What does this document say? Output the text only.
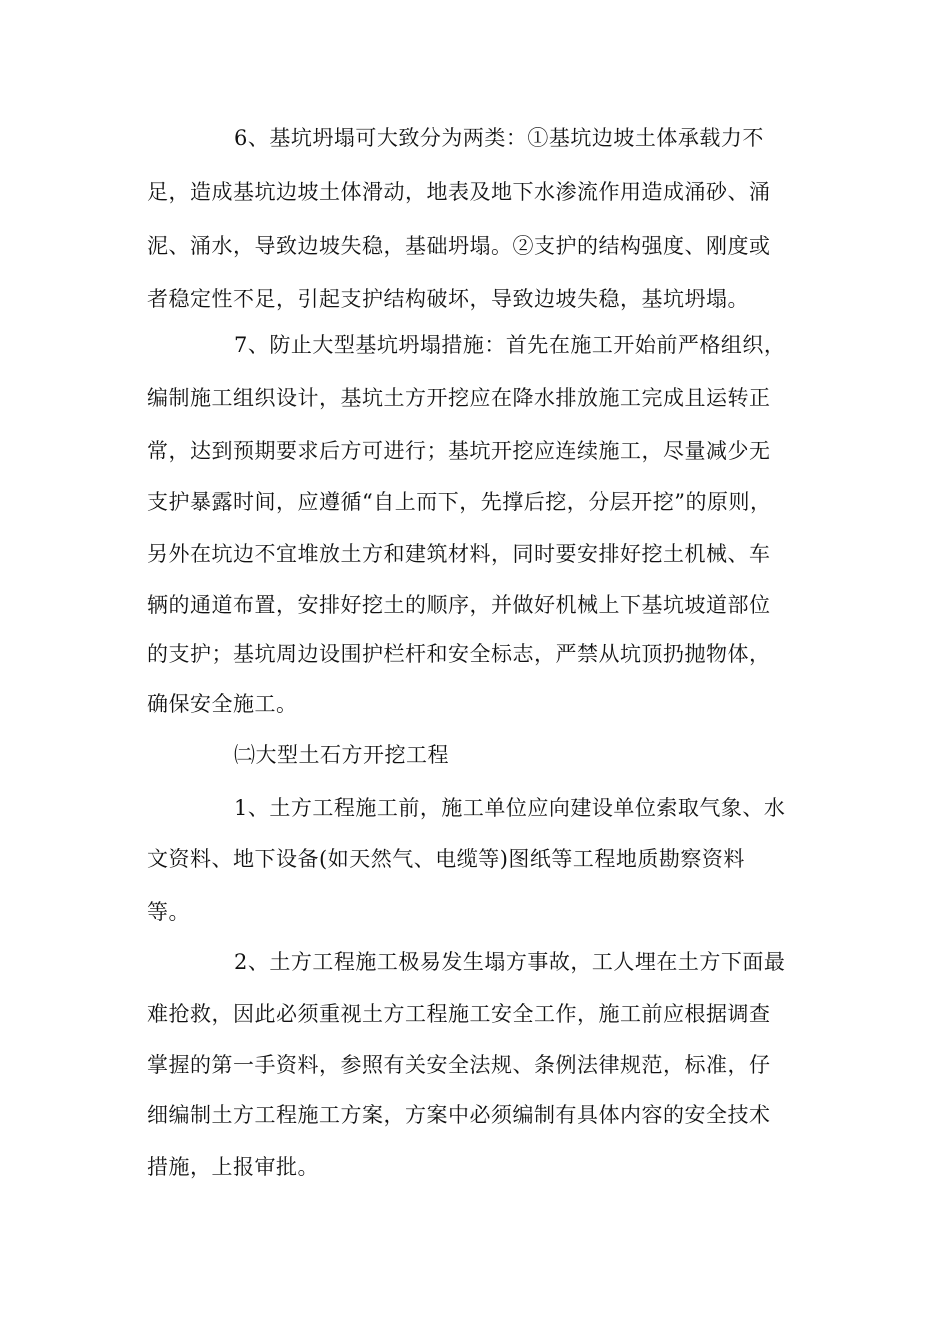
6、基坑坍塌可大致分为两类：①基坑边坡土体承载力不
足，造成基坑边坡土体滑动，地表及地下水渗流作用造成涌砂、涌
泥、涌水，导致边坡失稳，基础坍塌。②支护的结构强度、刚度或
者稳定性不足，引起支护结构破坏，导致边坡失稳，基坑坍塌。
7、防止大型基坑坍塌措施：首先在施工开始前严格组织，
编制施工组织设计，基坑土方开挖应在降水排放施工完成且运转正
常，达到预期要求后方可进行；基坑开挖应连续施工，尽量减少无
支护暴露时间，应遵循“自上而下，先撑后挖，分层开挖”的原则，
另外在坑边不宜堆放土方和建筑材料，同时要安排好挖土机械、车
辆的通道布置，安排好挖土的顺序，并做好机械上下基坑坡道部位
的支护；基坑周边设围护栏杆和安全标志，严禁从坑顶扔抛物体，
确保安全施工。
㈡大型土石方开挖工程
1、土方工程施工前，施工单位应向建设单位索取气象、水
文资料、地下设备(如天然气、电缆等)图纸等工程地质勘察资料
等。
2、土方工程施工极易发生塌方事故，工人埋在土方下面最
难抢救，因此必须重视土方工程施工安全工作，施工前应根据调查
掌握的第一手资料，参照有关安全法规、条例法律规范，标准，仔
细编制土方工程施工方案，方案中必须编制有具体内容的安全技术
措施，上报审批。
